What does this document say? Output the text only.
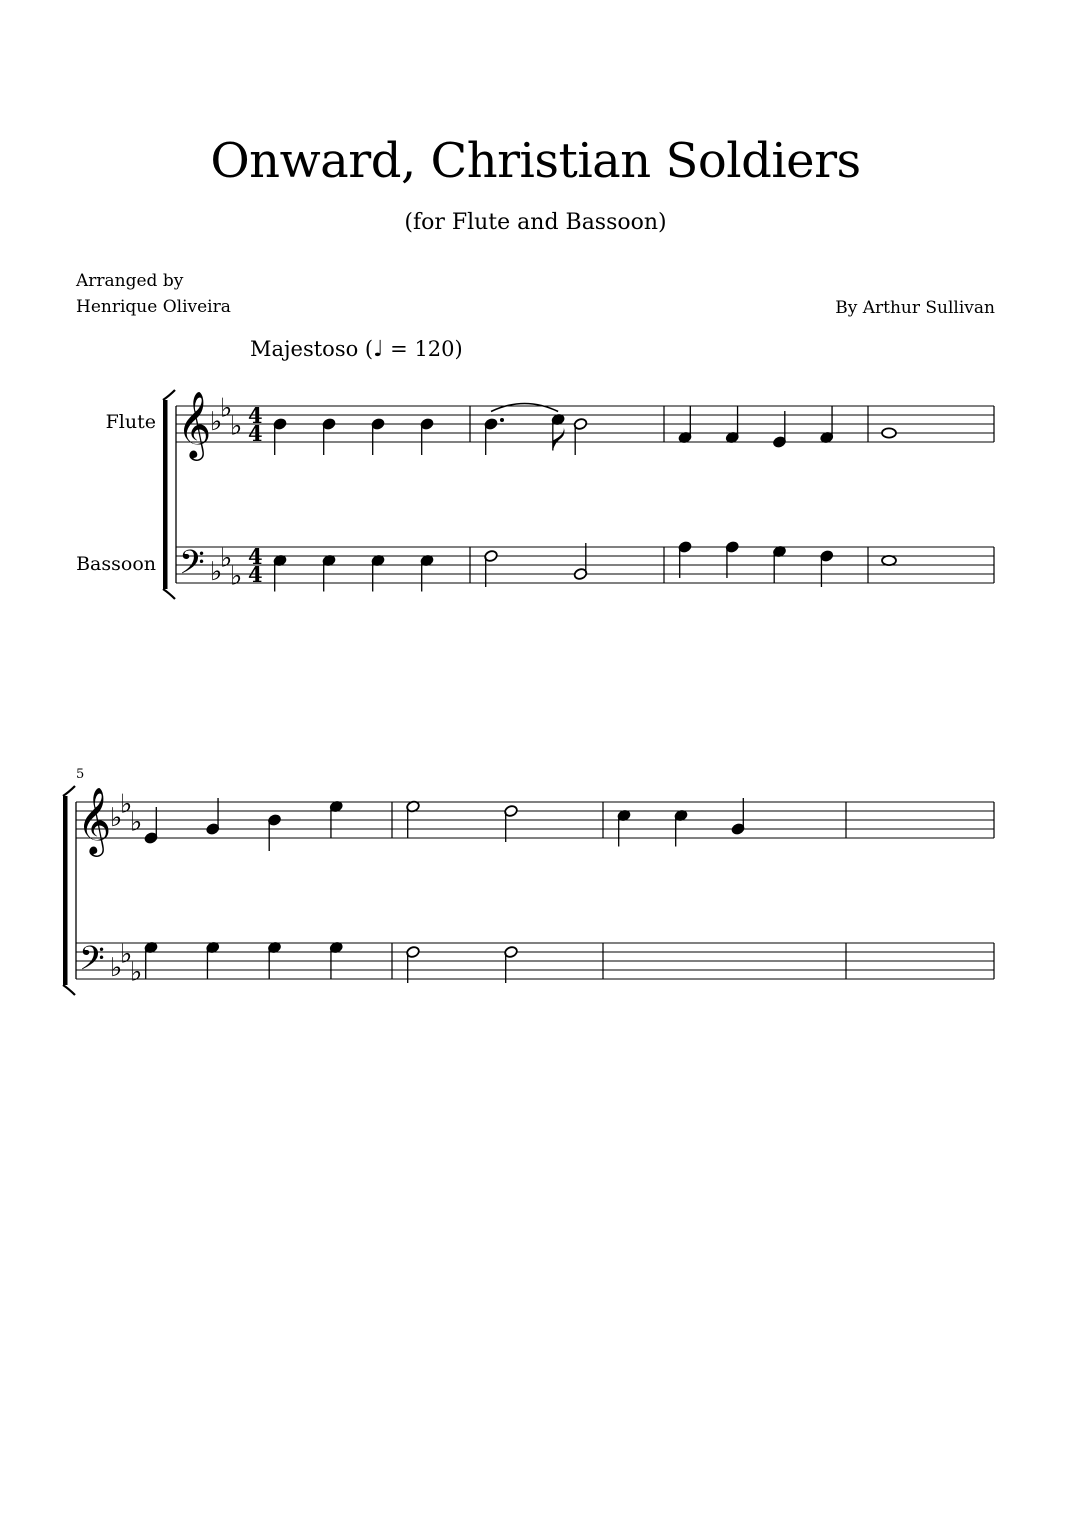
Onward, Christian Soldiers
(for Flute and Bassoon)
Arranged by
Henrique Oliveira	By Arthur Sullivan
Majestoso (♩ = 120)
Flute
Bassoon
𝄞
𝄢
♭
♭
♭
♭
♭
♭
4
4
4
4
𝄞
𝄢
♭
♭
♭
♭
♭
♭
5
